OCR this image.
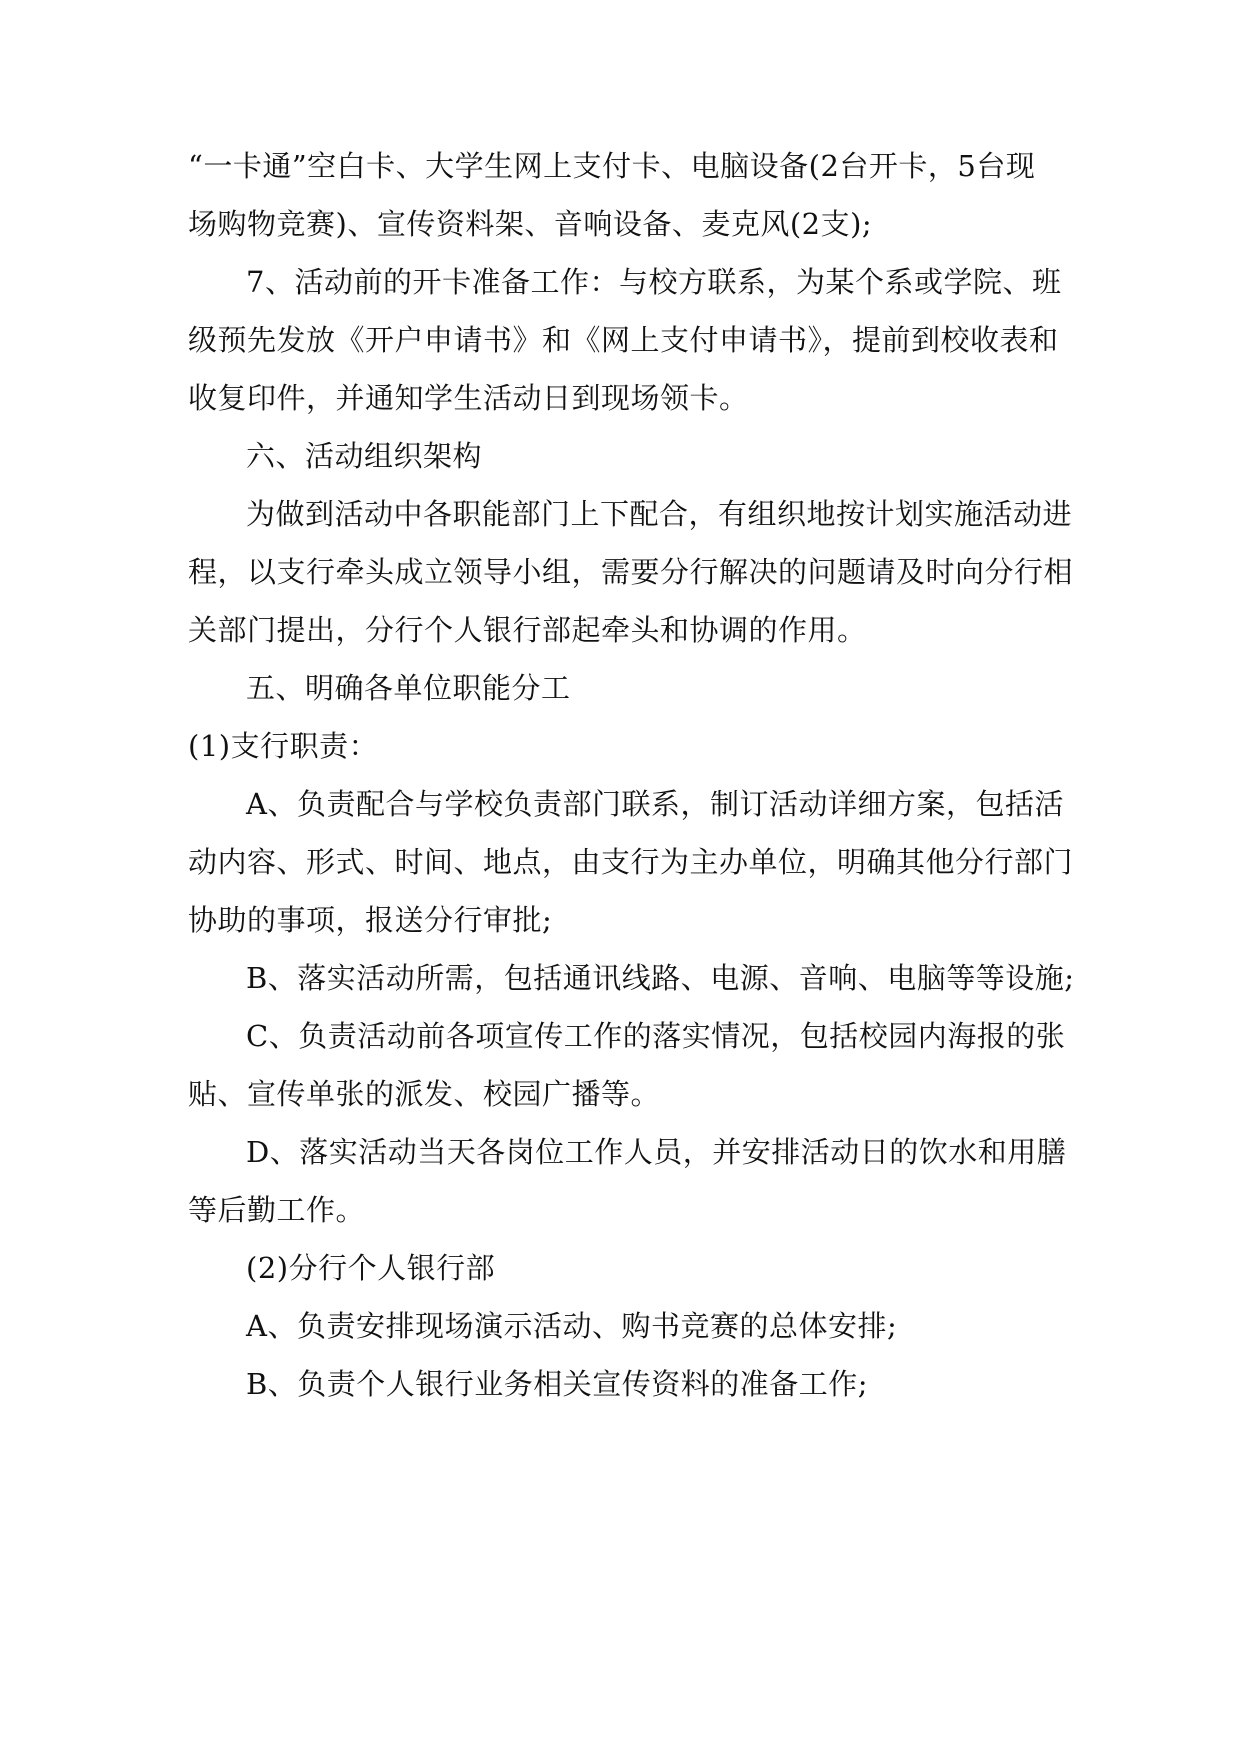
“一卡通”空白卡、大学生网上支付卡、电脑设备(2台开卡，5台现
场购物竞赛)、宣传资料架、音响设备、麦克风(2支);
7、活动前的开卡准备工作：与校方联系，为某个系或学院、班
级预先发放《开户申请书》和《网上支付申请书》，提前到校收表和
收复印件，并通知学生活动日到现场领卡。
六、活动组织架构
为做到活动中各职能部门上下配合，有组织地按计划实施活动进
程，以支行牵头成立领导小组，需要分行解决的问题请及时向分行相
关部门提出，分行个人银行部起牵头和协调的作用。
五、明确各单位职能分工
(1)支行职责：
A、负责配合与学校负责部门联系，制订活动详细方案，包括活
动内容、形式、时间、地点，由支行为主办单位，明确其他分行部门
协助的事项，报送分行审批;
B、落实活动所需，包括通讯线路、电源、音响、电脑等等设施;
C、负责活动前各项宣传工作的落实情况，包括校园内海报的张
贴、宣传单张的派发、校园广播等。
D、落实活动当天各岗位工作人员，并安排活动日的饮水和用膳
等后勤工作。
(2)分行个人银行部
A、负责安排现场演示活动、购书竞赛的总体安排;
B、负责个人银行业务相关宣传资料的准备工作;
